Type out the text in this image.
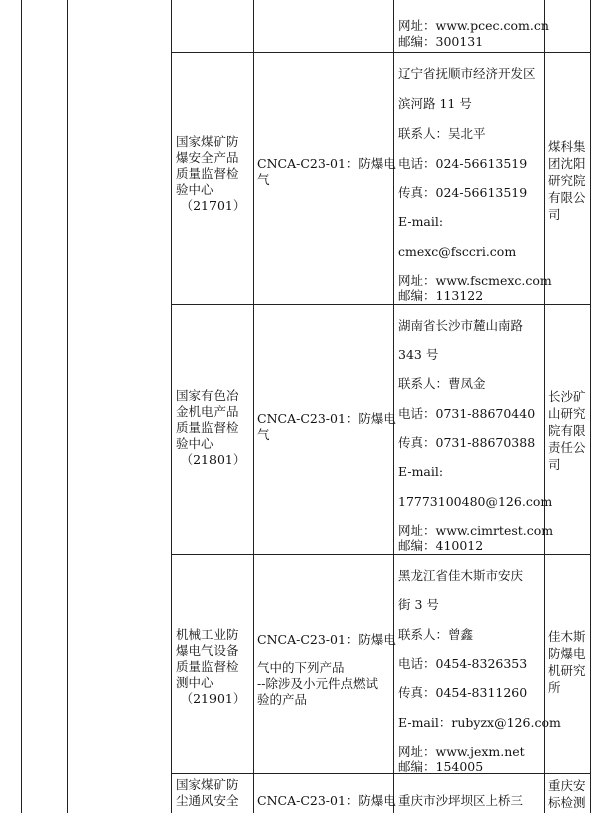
网址：www.pcec.com.cn
邮编：300131
国家煤矿防
爆安全产品
质量监督检
验中心
（21701）
CNCA-C23-01：防爆电
气
辽宁省抚顺市经济开发区
滨河路 11 号
联系人：吴北平
电话：024-56613519
传真：024-56613519
E-mail:
cmexc@fsccri.com
网址：www.fscmexc.com
邮编：113122
煤科集
团沈阳
研究院
有限公
司
国家有色冶
金机电产品
质量监督检
验中心
（21801）
CNCA-C23-01：防爆电
气
湖南省长沙市麓山南路
343 号
联系人：曹凤金
电话：0731-88670440
传真：0731-88670388
E-mail:
17773100480@126.com
网址：www.cimrtest.com
邮编：410012
长沙矿
山研究
院有限
责任公
司
机械工业防
爆电气设备
质量监督检
测中心
（21901）
CNCA-C23-01：防爆电
气中的下列产品
--除涉及小元件点燃试
验的产品
黑龙江省佳木斯市安庆
街 3 号
联系人：曾鑫
电话：0454-8326353
传真：0454-8311260
E-mail：rubyzx@126.com
网址：www.jexm.net
邮编：154005
佳木斯
防爆电
机研究
所
国家煤矿防
尘通风安全	CNCA-C23-01：防爆电 重庆市沙坪坝区上桥三
重庆安
标检测
